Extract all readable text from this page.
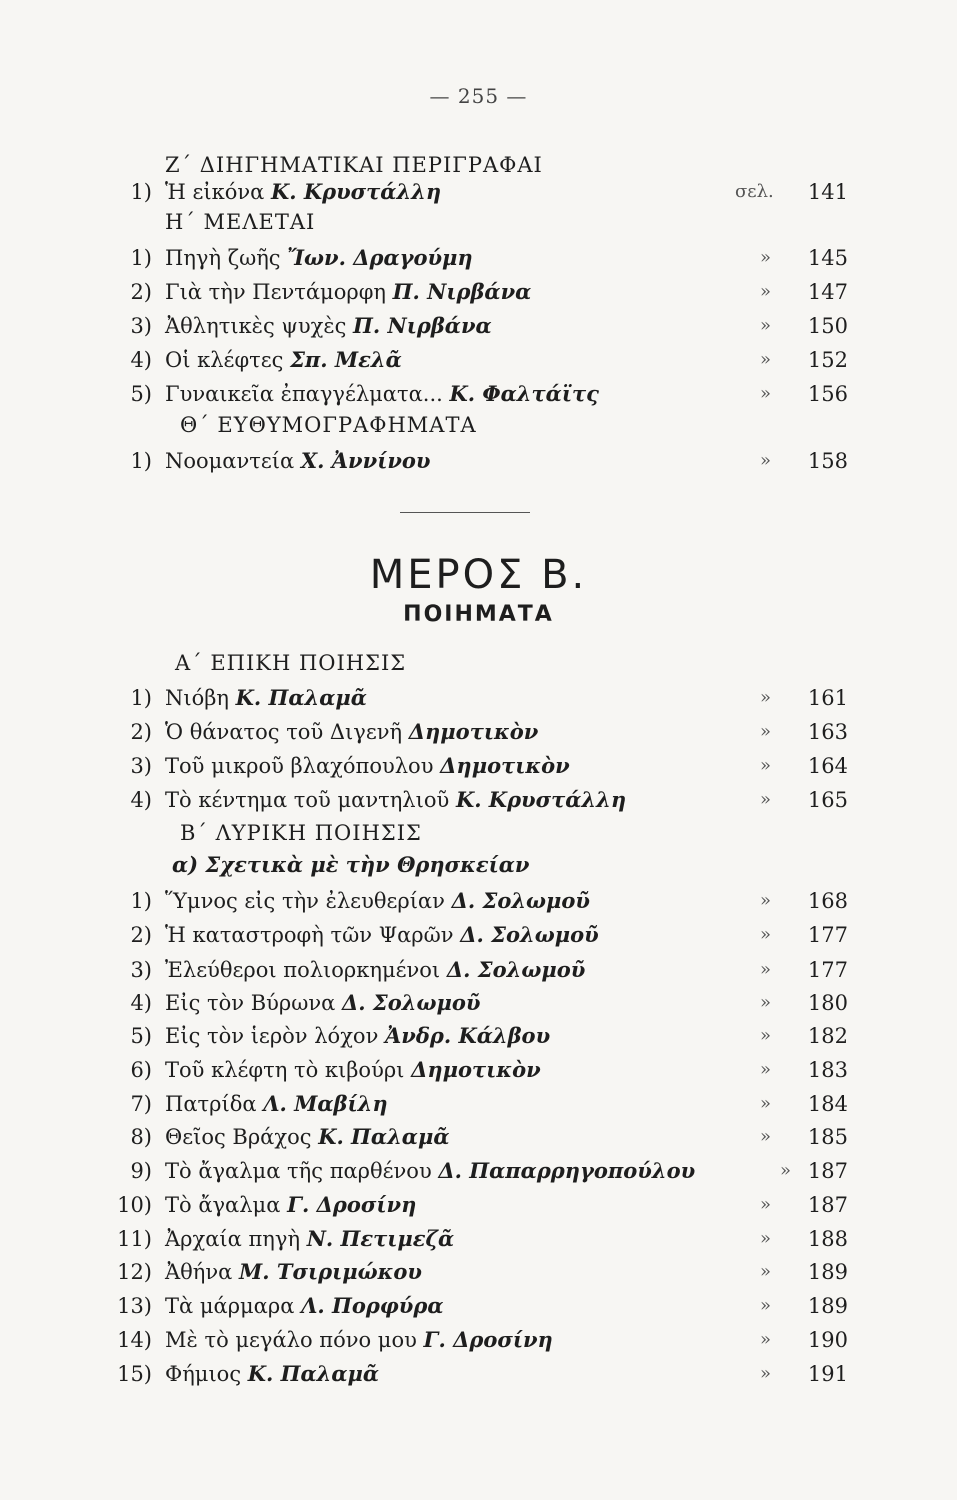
— 255 —
Ζ΄ ΔΙΗΓΗΜΑΤΙΚΑΙ ΠΕΡΙΓΡΑΦΑΙ
1) Ἡ εἰκόνα Κ. Κρυστάλλη	σελ.	141
Η΄ ΜΕΛΕΤΑΙ
1) Πηγὴ ζωῆς Ἴων. Δραγούμη	»	145
2) Γιὰ τὴν Πεντάμορφη Π. Νιρβάνα	»	147
3) Ἀθλητικὲς ψυχὲς Π. Νιρβάνα	»	150
4) Οἱ κλέφτες Σπ. Μελᾶ	»	152
5) Γυναικεῖα ἐπαγγέλματα... Κ. Φαλτάϊτς	»	156
Θ΄ ΕΥΘΥΜΟΓΡΑΦΗΜΑΤΑ
1) Νοομαντεία Χ. Ἀννίνου	»	158
ΜΕΡΟΣ Β.
ΠΟΙΗΜΑΤΑ
Α΄ ΕΠΙΚΗ ΠΟΙΗΣΙΣ
1) Νιόβη Κ. Παλαμᾶ	»	161
2) Ὁ θάνατος τοῦ Διγενῆ Δημοτικὸν	»	163
3) Τοῦ μικροῦ βλαχόπουλου Δημοτικὸν	»	164
4) Τὸ κέντημα τοῦ μαντηλιοῦ Κ. Κρυστάλλη	»	165
Β΄ ΛΥΡΙΚΗ ΠΟΙΗΣΙΣ
α) Σχετικὰ μὲ τὴν Θρησκείαν
1) Ὕμνος εἰς τὴν ἐλευθερίαν Δ. Σολωμοῦ	»	168
2) Ἡ καταστροφὴ τῶν Ψαρῶν Δ. Σολωμοῦ	»	177
3) Ἐλεύθεροι πολιορκημένοι Δ. Σολωμοῦ	»	177
4) Εἰς τὸν Βύρωνα Δ. Σολωμοῦ	»	180
5) Εἰς τὸν ἱερὸν λόχον Ἀνδρ. Κάλβου	»	182
6) Τοῦ κλέφτη τὸ κιβούρι Δημοτικὸν	»	183
7) Πατρίδα Λ. Μαβίλη	»	184
8) Θεῖος Βράχος Κ. Παλαμᾶ	»	185
9) Τὸ ἄγαλμα τῆς παρθένου Δ. Παπαρρηγοπούλου	» 187
10) Τὸ ἄγαλμα Γ. Δροσίνη	»	187
11) Ἀρχαία πηγὴ Ν. Πετιμεζᾶ	»	188
12) Ἀθήνα Μ. Τσιριμώκου	»	189
13) Τὰ μάρμαρα Λ. Πορφύρα	»	189
14) Μὲ τὸ μεγάλο πόνο μου Γ. Δροσίνη	»	190
15) Φήμιος Κ. Παλαμᾶ	»	191
